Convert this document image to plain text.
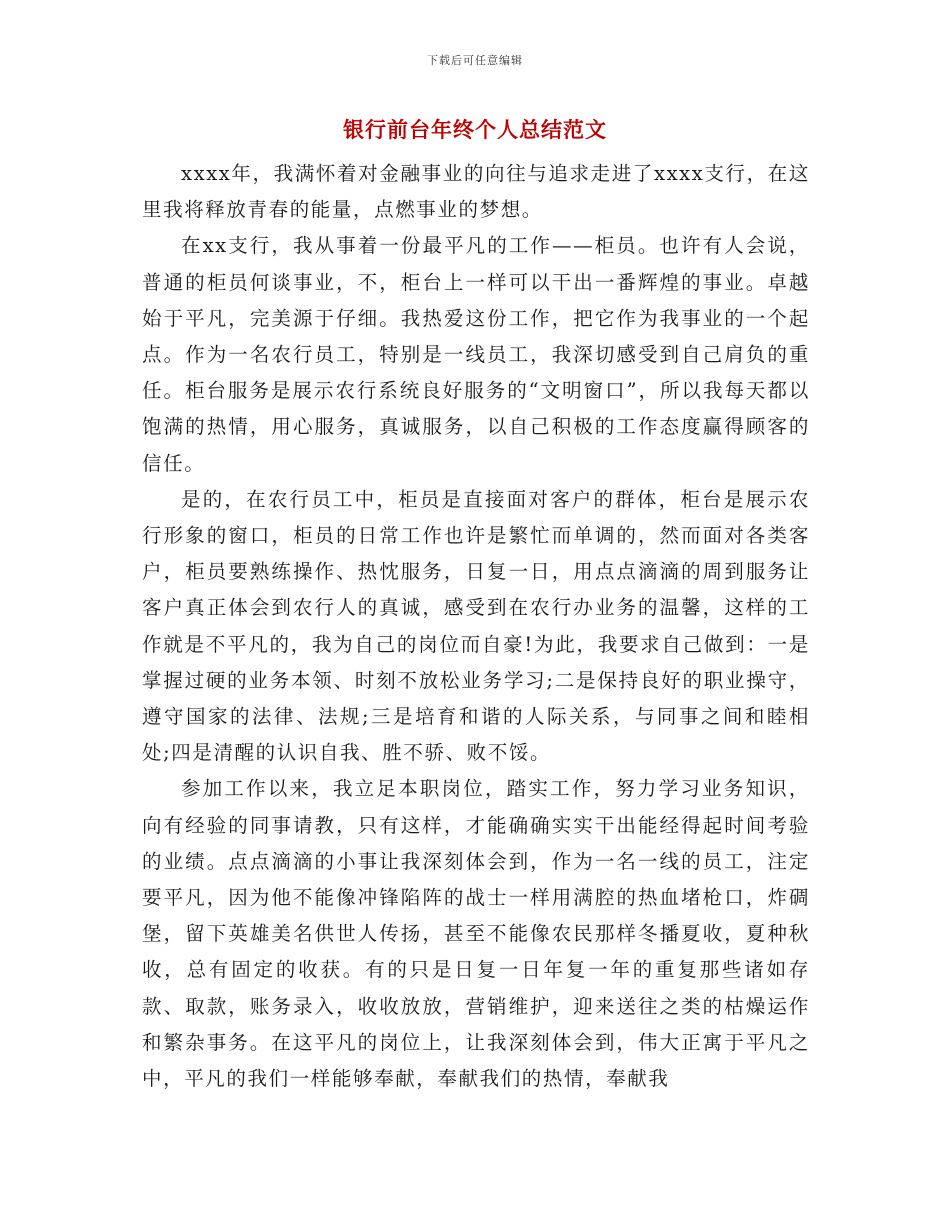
下载后可任意编辑
银行前台年终个人总结范文

xxxx年，我满怀着对金融事业的向往与追求走进了xxxx支行，在这里我将释放青春的能量，点燃事业的梦想。

在xx支行，我从事着一份最平凡的工作——柜员。也许有人会说，普通的柜员何谈事业，不，柜台上一样可以干出一番辉煌的事业。卓越始于平凡，完美源于仔细。我热爱这份工作，把它作为我事业的一个起点。作为一名农行员工，特别是一线员工，我深切感受到自己肩负的重任。柜台服务是展示农行系统良好服务的“文明窗口”，所以我每天都以饱满的热情，用心服务，真诚服务，以自己积极的工作态度赢得顾客的信任。

是的，在农行员工中，柜员是直接面对客户的群体，柜台是展示农行形象的窗口，柜员的日常工作也许是繁忙而单调的，然而面对各类客户，柜员要熟练操作、热忱服务，日复一日，用点点滴滴的周到服务让客户真正体会到农行人的真诚，感受到在农行办业务的温馨，这样的工作就是不平凡的，我为自己的岗位而自豪!为此，我要求自己做到：一是掌握过硬的业务本领、时刻不放松业务学习;二是保持良好的职业操守，遵守国家的法律、法规;三是培育和谐的人际关系，与同事之间和睦相处;四是清醒的认识自我、胜不骄、败不馁。

参加工作以来，我立足本职岗位，踏实工作，努力学习业务知识，向有经验的同事请教，只有这样，才能确确实实干出能经得起时间考验的业绩。点点滴滴的小事让我深刻体会到，作为一名一线的员工，注定要平凡，因为他不能像冲锋陷阵的战士一样用满腔的热血堵枪口，炸碉堡，留下英雄美名供世人传扬，甚至不能像农民那样冬播夏收，夏种秋收，总有固定的收获。有的只是日复一日年复一年的重复那些诸如存款、取款，账务录入，收收放放，营销维护，迎来送往之类的枯燥运作和繁杂事务。在这平凡的岗位上，让我深刻体会到，伟大正寓于平凡之中，平凡的我们一样能够奉献，奉献我们的热情，奉献我
